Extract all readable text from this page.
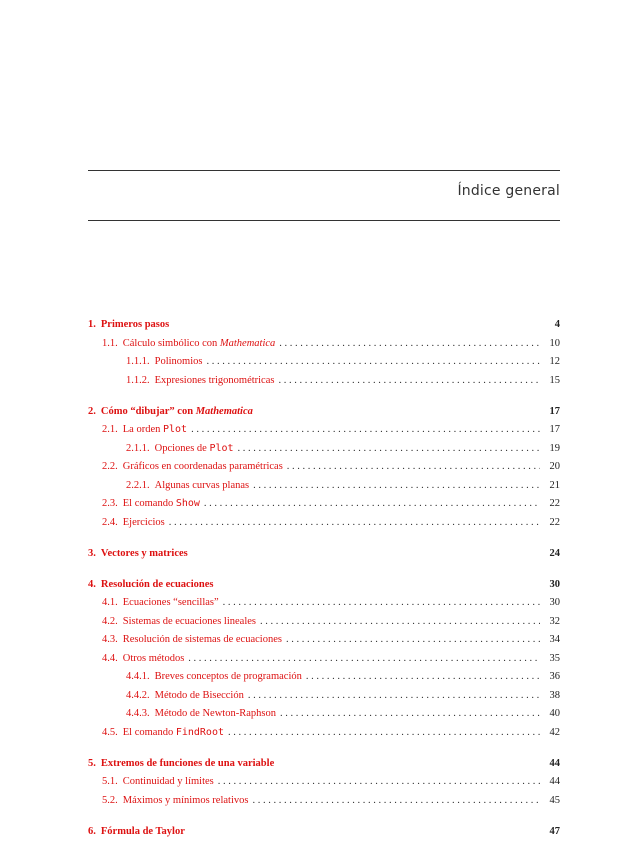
Índice general
1. Primeros pasos	4
1.1. Cálculo simbólico con Mathematica . . .	10
1.1.1. Polinomios . . .	12
1.1.2. Expresiones trigonométricas . . .	15
2. Cómo “dibujar” con Mathematica	17
2.1. La orden Plot . . .	17
2.1.1. Opciones de Plot . . .	19
2.2. Gráficos en coordenadas paramétricas . . .	20
2.2.1. Algunas curvas planas . . .	21
2.3. El comando Show . . .	22
2.4. Ejercicios . . .	22
3. Vectores y matrices	24
4. Resolución de ecuaciones	30
4.1. Ecuaciones “sencillas” . . .	30
4.2. Sistemas de ecuaciones lineales . . .	32
4.3. Resolución de sistemas de ecuaciones . . .	34
4.4. Otros métodos . . .	35
4.4.1. Breves conceptos de programación . . .	36
4.4.2. Método de Bisección . . .	38
4.4.3. Método de Newton-Raphson . . .	40
4.5. El comando FindRoot . . .	42
5. Extremos de funciones de una variable	44
5.1. Continuidad y límites . . .	44
5.2. Máximos y mínimos relativos . . .	45
6. Fórmula de Taylor	47
